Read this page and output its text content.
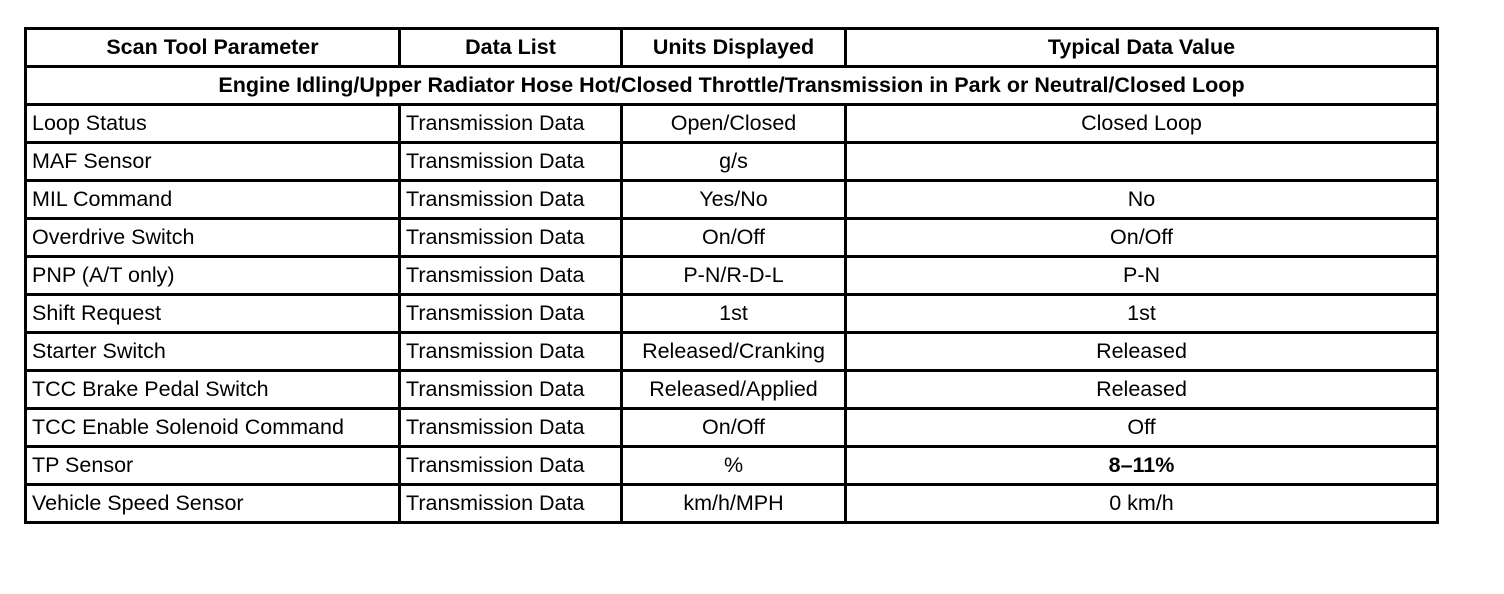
Scan Tool Parameter	Data List	Units Displayed	Typical Data Value
Engine Idling/Upper Radiator Hose Hot/Closed Throttle/Transmission in Park or Neutral/Closed Loop			
Loop Status	Transmission Data	Open/Closed	Closed Loop
MAF Sensor	Transmission Data	g/s	
MIL Command	Transmission Data	Yes/No	No
Overdrive Switch	Transmission Data	On/Off	On/Off
PNP (A/T only)	Transmission Data	P-N/R-D-L	P-N
Shift Request	Transmission Data	1st	1st
Starter Switch	Transmission Data	Released/Cranking	Released
TCC Brake Pedal Switch	Transmission Data	Released/Applied	Released
TCC Enable Solenoid Command	Transmission Data	On/Off	Off
TP Sensor	Transmission Data	%	8–11%
Vehicle Speed Sensor	Transmission Data	km/h/MPH	0 km/h
